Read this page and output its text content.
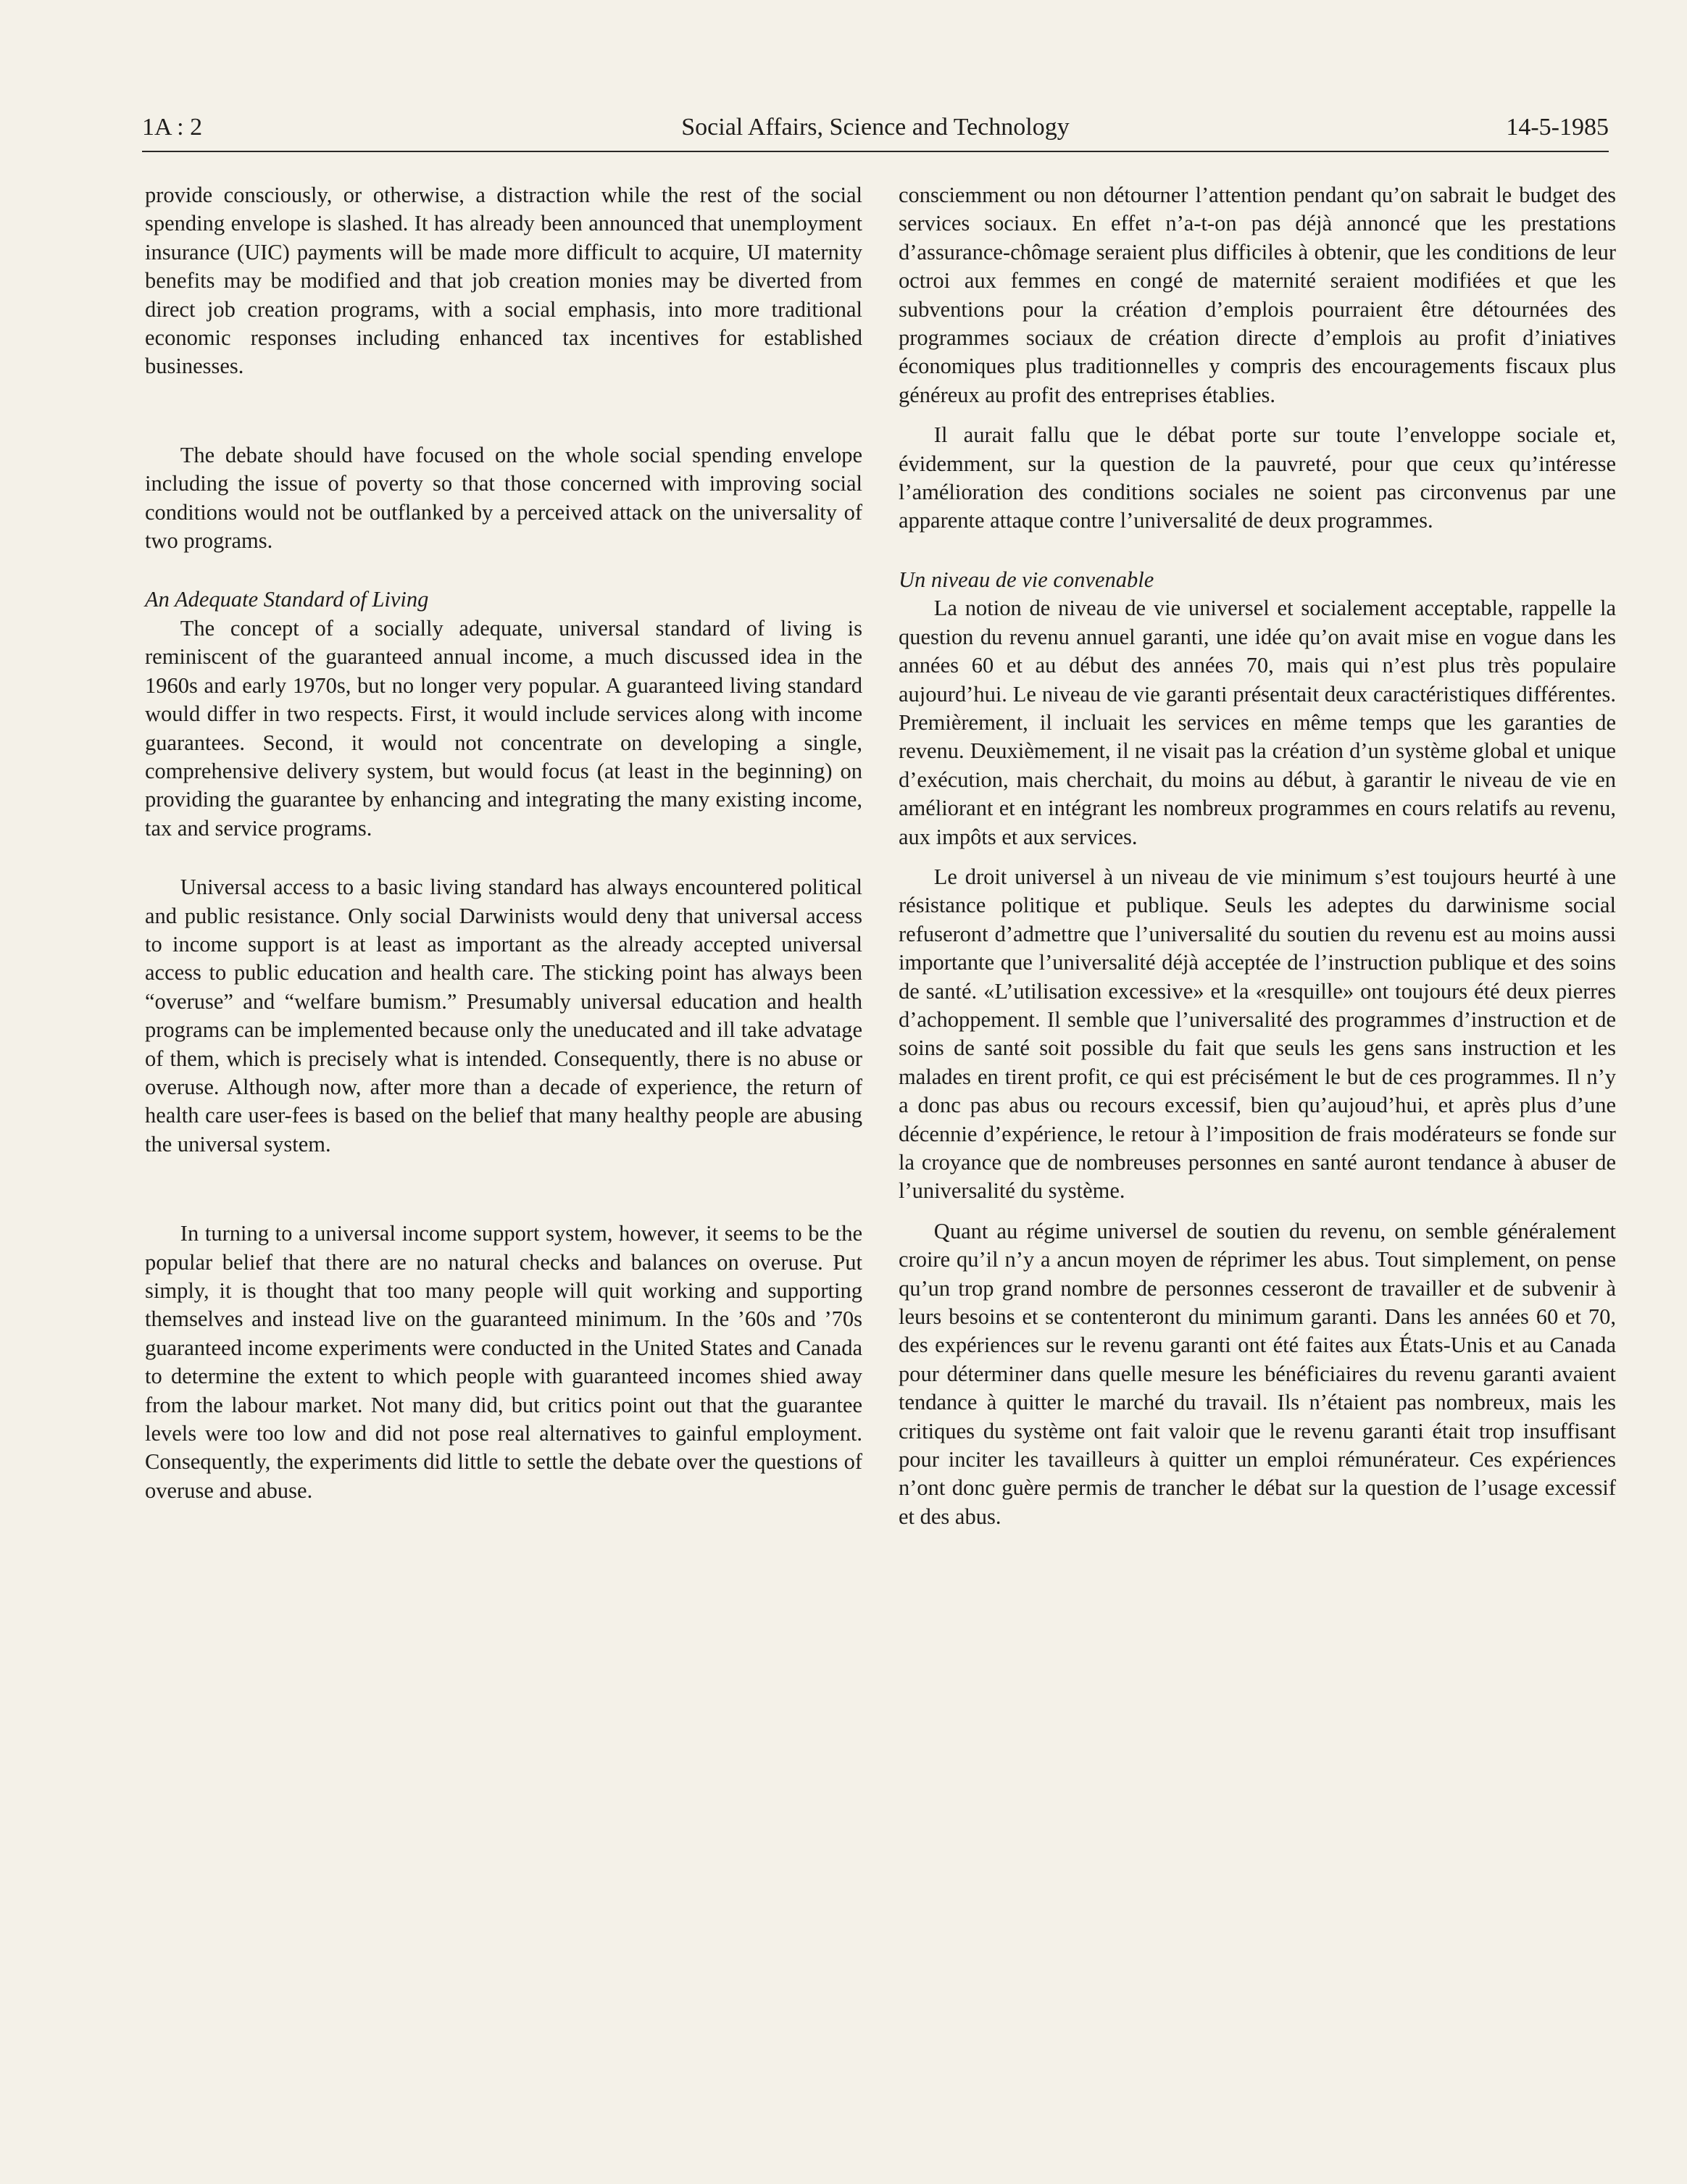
1A : 2	Social Affairs, Science and Technology	14-5-1985

provide consciously, or otherwise, a distraction while the rest of the social spending envelope is slashed. It has already been announced that unemployment insurance (UIC) payments will be made more difficult to acquire, UI maternity benefits may be modified and that job creation monies may be diverted from direct job creation programs, with a social emphasis, into more traditional economic responses including enhanced tax incentives for established businesses.

The debate should have focused on the whole social spending envelope including the issue of poverty so that those concerned with improving social conditions would not be outflanked by a perceived attack on the universality of two programs.

An Adequate Standard of Living

The concept of a socially adequate, universal standard of living is reminiscent of the guaranteed annual income, a much discussed idea in the 1960s and early 1970s, but no longer very popular. A guaranteed living standard would differ in two respects. First, it would include services along with income guarantees. Second, it would not concentrate on developing a single, comprehensive delivery system, but would focus (at least in the beginning) on providing the guarantee by enhancing and integrating the many existing income, tax and service programs.

Universal access to a basic living standard has always encountered political and public resistance. Only social Darwinists would deny that universal access to income support is at least as important as the already accepted universal access to public education and health care. The sticking point has always been “overuse” and “welfare bumism.” Presumably universal education and health programs can be implemented because only the uneducated and ill take advatage of them, which is precisely what is intended. Consequently, there is no abuse or overuse. Although now, after more than a decade of experience, the return of health care user-fees is based on the belief that many healthy people are abusing the universal system.

In turning to a universal income support system, however, it seems to be the popular belief that there are no natural checks and balances on overuse. Put simply, it is thought that too many people will quit working and supporting themselves and instead live on the guaranteed minimum. In the ’60s and ’70s guaranteed income experiments were conducted in the United States and Canada to determine the extent to which people with guaranteed incomes shied away from the labour market. Not many did, but critics point out that the guarantee levels were too low and did not pose real alternatives to gainful employment. Consequently, the experiments did little to settle the debate over the questions of overuse and abuse.

consciemment ou non détourner l’attention pendant qu’on sabrait le budget des services sociaux. En effet n’a-t-on pas déjà annoncé que les prestations d’assurance-chômage seraient plus difficiles à obtenir, que les conditions de leur octroi aux femmes en congé de maternité seraient modifiées et que les subventions pour la création d’emplois pourraient être détournées des programmes sociaux de création directe d’emplois au profit d’iniatives économiques plus traditionnelles y compris des encouragements fiscaux plus généreux au profit des entreprises établies.

Il aurait fallu que le débat porte sur toute l’enveloppe sociale et, évidemment, sur la question de la pauvreté, pour que ceux qu’intéresse l’amélioration des conditions sociales ne soient pas circonvenus par une apparente attaque contre l’universalité de deux programmes.

Un niveau de vie convenable

La notion de niveau de vie universel et socialement acceptable, rappelle la question du revenu annuel garanti, une idée qu’on avait mise en vogue dans les années 60 et au début des années 70, mais qui n’est plus très populaire aujourd’hui. Le niveau de vie garanti présentait deux caractéristiques différentes. Premièrement, il incluait les services en même temps que les garanties de revenu. Deuxièmement, il ne visait pas la création d’un système global et unique d’exécution, mais cherchait, du moins au début, à garantir le niveau de vie en améliorant et en intégrant les nombreux programmes en cours relatifs au revenu, aux impôts et aux services.

Le droit universel à un niveau de vie minimum s’est toujours heurté à une résistance politique et publique. Seuls les adeptes du darwinisme social refuseront d’admettre que l’universalité du soutien du revenu est au moins aussi importante que l’universalité déjà acceptée de l’instruction publique et des soins de santé. «L’utilisation excessive» et la «resquille» ont toujours été deux pierres d’achoppement. Il semble que l’universalité des programmes d’instruction et de soins de santé soit possible du fait que seuls les gens sans instruction et les malades en tirent profit, ce qui est précisément le but de ces programmes. Il n’y a donc pas abus ou recours excessif, bien qu’aujoud’hui, et après plus d’une décennie d’expérience, le retour à l’imposition de frais modérateurs se fonde sur la croyance que de nombreuses personnes en santé auront tendance à abuser de l’universalité du système.

Quant au régime universel de soutien du revenu, on semble généralement croire qu’il n’y a ancun moyen de réprimer les abus. Tout simplement, on pense qu’un trop grand nombre de personnes cesseront de travailler et de subvenir à leurs besoins et se contenteront du minimum garanti. Dans les années 60 et 70, des expériences sur le revenu garanti ont été faites aux États-Unis et au Canada pour déterminer dans quelle mesure les bénéficiaires du revenu garanti avaient tendance à quitter le marché du travail. Ils n’étaient pas nombreux, mais les critiques du système ont fait valoir que le revenu garanti était trop insuffisant pour inciter les tavailleurs à quitter un emploi rémunérateur. Ces expériences n’ont donc guère permis de trancher le débat sur la question de l’usage excessif et des abus.
